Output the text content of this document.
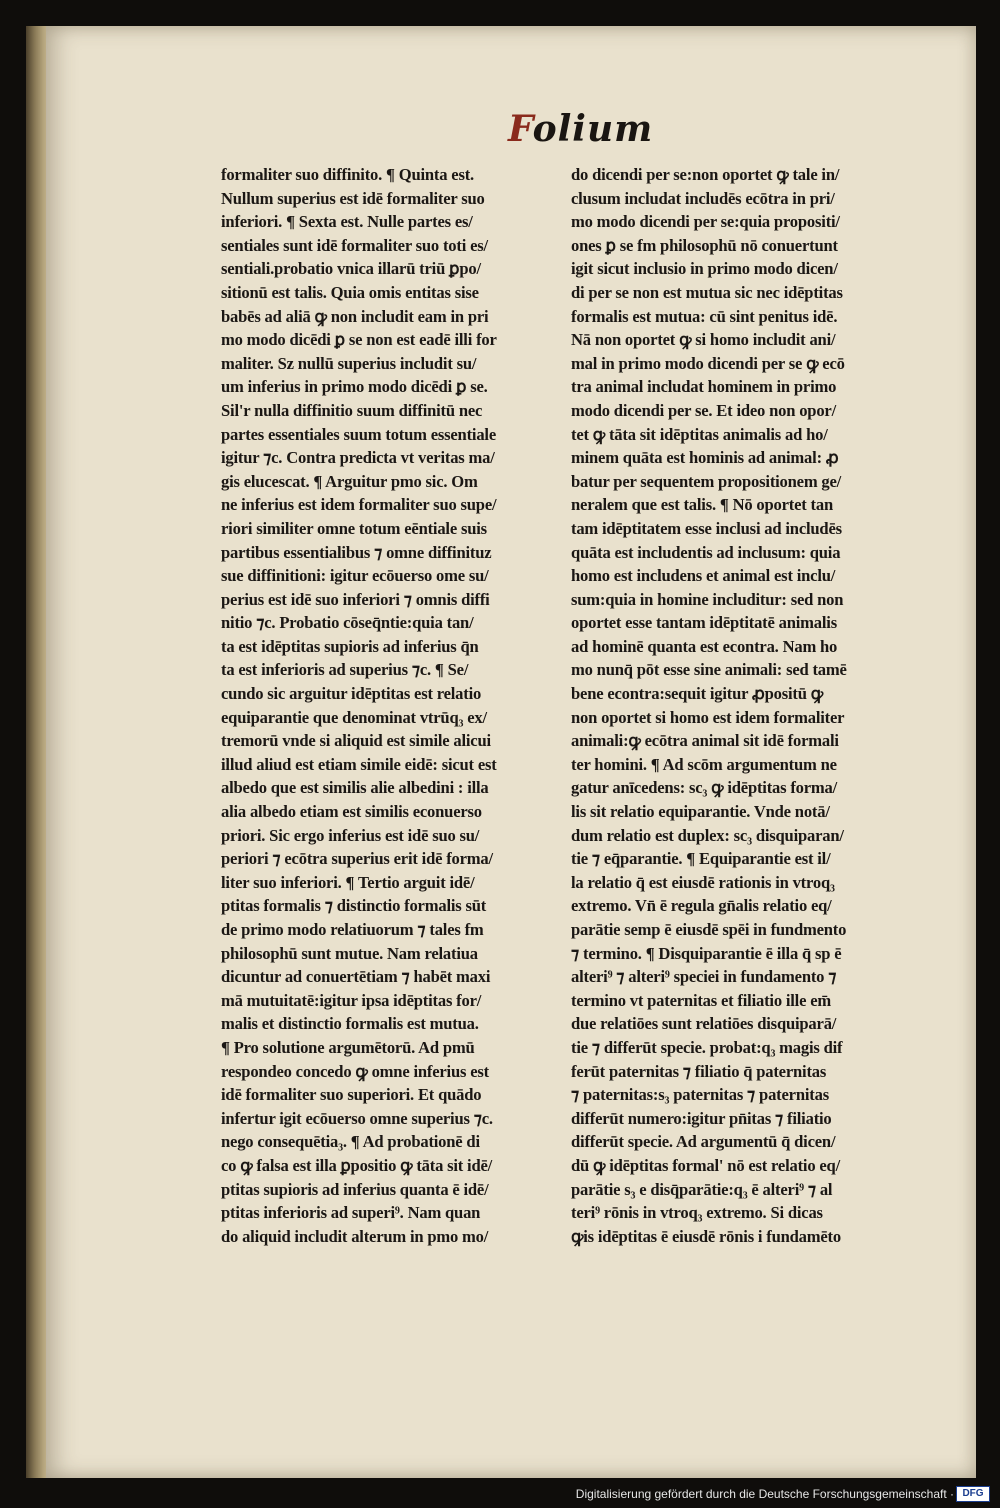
Folium
formaliter suo diffinito. ¶ Quinta est.
Nullum superius est idē formaliter suo
inferiori. ¶ Sexta est. Nulle partes es/
sentiales sunt idē formaliter suo toti es/
sentiali.probatio vnica illarū triū ꝑpo/
sitionū est talis. Quia omis entitas sise
babēs ad aliā ꝙ non includit eam in pri
mo modo dicēdi ꝑ se non est eadē illi for
maliter. Sz nullū superius includit su/
um inferius in primo modo dicēdi ꝑ se.
Sil'r nulla diffinitio suum diffinitū nec
partes essentiales suum totum essentiale
igitur ⁊c. Contra predicta vt veritas ma/
gis elucescat. ¶ Arguitur pmo sic. Om
ne inferius est idem formaliter suo supe/
riori similiter omne totum eēntiale suis
partibus essentialibus ⁊ omne diffinituz
sue diffinitioni: igitur ecōuerso ome su/
perius est idē suo inferiori ⁊ omnis diffi
nitio ⁊c. Probatio cōseq̄ntie:quia tan/
ta est idēptitas supioris ad inferius q̄n
ta est inferioris ad superius ⁊c. ¶ Se/
cundo sic arguitur idēptitas est relatio
equiparantie que denominat vtrūq₃ ex/
tremorū vnde si aliquid est simile alicui
illud aliud est etiam simile eidē: sicut est
albedo que est similis alie albedini : illa
alia albedo etiam est similis econuerso
priori. Sic ergo inferius est idē suo su/
periori ⁊ ecōtra superius erit idē forma/
liter suo inferiori. ¶ Tertio arguit idē/
ptitas formalis ⁊ distinctio formalis sūt
de primo modo relatiuorum ⁊ tales fm
philosophū sunt mutue. Nam relatiua
dicuntur ad conuertētiam ⁊ habēt maxi
mā mutuitatē:igitur ipsa idēptitas for/
malis et distinctio formalis est mutua.
¶ Pro solutione argumētorū. Ad pmū
respondeo concedo ꝙ omne inferius est
idē formaliter suo superiori. Et quādo
infertur igit ecōuerso omne superius ⁊c.
nego consequētia₃. ¶ Ad probationē di
co ꝙ falsa est illa ꝑpositio ꝙ tāta sit idē/
ptitas supioris ad inferius quanta ē idē/
ptitas inferioris ad superi⁹. Nam quan
do aliquid includit alterum in pmo mo/
do dicendi per se:non oportet ꝙ tale in/
clusum includat includēs ecōtra in pri/
mo modo dicendi per se:quia propositi/
ones ꝑ se fm philosophū nō conuertunt
igit sicut inclusio in primo modo dicen/
di per se non est mutua sic nec idēptitas
formalis est mutua: cū sint penitus idē.
Nā non oportet ꝙ si homo includit ani/
mal in primo modo dicendi per se ꝙ ecō
tra animal includat hominem in primo
modo dicendi per se. Et ideo non opor/
tet ꝙ tāta sit idēptitas animalis ad ho/
minem quāta est hominis ad animal: ꝓ
batur per sequentem propositionem ge/
neralem que est talis. ¶ Nō oportet tan
tam idēptitatem esse inclusi ad includēs
quāta est includentis ad inclusum: quia
homo est includens et animal est inclu/
sum:quia in homine includitur: sed non
oportet esse tantam idēptitatē animalis
ad hominē quanta est econtra. Nam ho
mo nunq̄ pōt esse sine animali: sed tamē
bene econtra:sequit igitur ꝓpositū ꝙ
non oportet si homo est idem formaliter
animali:ꝙ ecōtra animal sit idē formali
ter homini. ¶ Ad scōm argumentum ne
gatur anīcedens: sc₃ ꝙ idēptitas forma/
lis sit relatio equiparantie. Vnde notā/
dum relatio est duplex: sc₃ disquiparan/
tie ⁊ eq̄parantie. ¶ Equiparantie est il/
la relatio q̄ est eiusdē rationis in vtroq₃
extremo. Vn̄ ē regula gn̄alis relatio eq/
parātie semp ē eiusdē spēi in fundmento
⁊ termino. ¶ Disquiparantie ē illa q̄ sp ē
alteri⁹ ⁊ alteri⁹ speciei in fundamento ⁊
termino vt paternitas et filiatio ille em̄
due relatiōes sunt relatiōes disquiparā/
tie ⁊ differūt specie. probat:q₃ magis dif
ferūt paternitas ⁊ filiatio q̄ paternitas
⁊ paternitas:s₃ paternitas ⁊ paternitas
differūt numero:igitur pn̄itas ⁊ filiatio
differūt specie. Ad argumentū q̄ dicen/
dū ꝙ idēptitas formal' nō est relatio eq/
parātie s₃ e disq̄parātie:q₃ ē alteri⁹ ⁊ al
teri⁹ rōnis in vtroq₃ extremo. Si dicas
ꝙis idēptitas ē eiusdē rōnis i fundamēto
Digitalisierung gefördert durch die Deutsche Forschungsgemeinschaft · DFG
